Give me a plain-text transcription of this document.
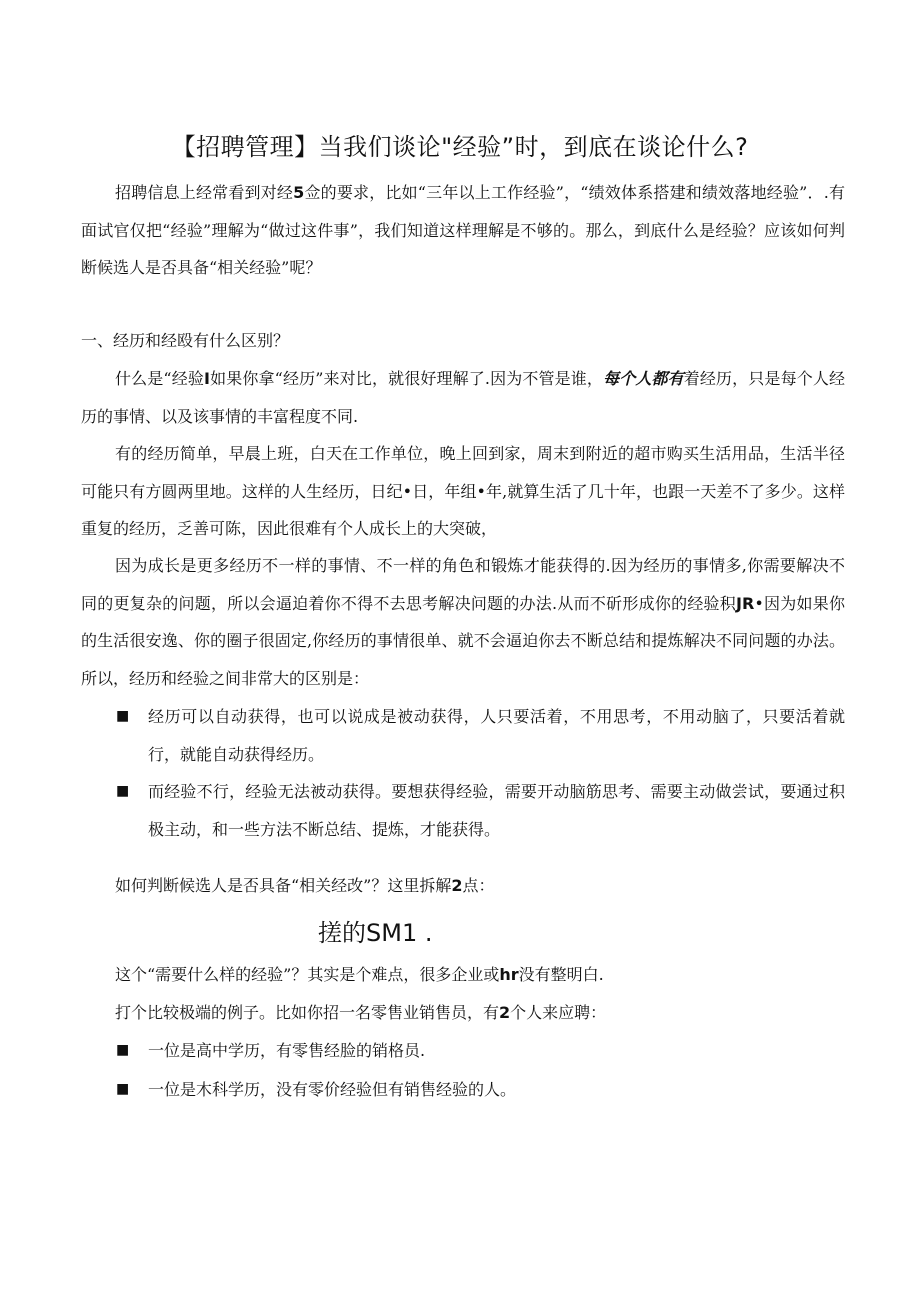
【招聘管理】当我们谈论"经验”时，到底在谈论什么?

招聘信息上经常看到对经5佥的要求，比如“三年以上工作经验”，“绩效体系搭建和绩效落地经验”．.有面试官仅把“经验”理解为“做过这件事”，我们知道这样理解是不够的。那么，到底什么是经验？应该如何判断候选人是否具备“相关经验”呢？

一、经历和经殴有什么区别？

什么是“经验I如果你拿“经历”来对比，就很好理解了.因为不管是谁，每个人都有着经历，只是每个人经历的事情、以及该事情的丰富程度不同.

有的经历简单，早晨上班，白天在工作单位，晚上回到家，周末到附近的超市购买生活用品，生活半径可能只有方圆两里地。这样的人生经历，日纪•日，年组•年,就算生活了几十年，也跟一天差不了多少。这样重复的经历，乏善可陈，因此很难有个人成长上的大突破，

因为成长是更多经历不一样的事情、不一样的角色和锻炼才能获得的.因为经历的事情多,你需要解决不同的更复杂的问题，所以会逼迫着你不得不去思考解决问题的办法.从而不斫形成你的经验积JR•因为如果你的生活很安逸、你的圈子很固定,你经历的事情很单、就不会逼迫你去不断总结和提炼解决不同问题的办法。所以，经历和经验之间非常大的区别是：

■ 经历可以自动获得，也可以说成是被动获得，人只要活着，不用思考，不用动脑了，只要活着就行，就能自动获得经历。

■ 而经验不行，经验无法被动获得。要想获得经验，需要开动脑筋思考、需要主动做尝试，要通过积极主动，和一些方法不断总结、提炼，才能获得。

如何判断候选人是否具备“相关经改”？这里拆解2点：

搓的SM1 .

这个“需要什么样的经验”？其实是个难点，很多企业或hr没有整明白.

打个比较极端的例子。比如你招一名零售业销售员，有2个人来应聘：

■ 一位是高中学历，有零售经脸的销格员.

■ 一位是木科学历，没有零价经验但有销售经验的人。
